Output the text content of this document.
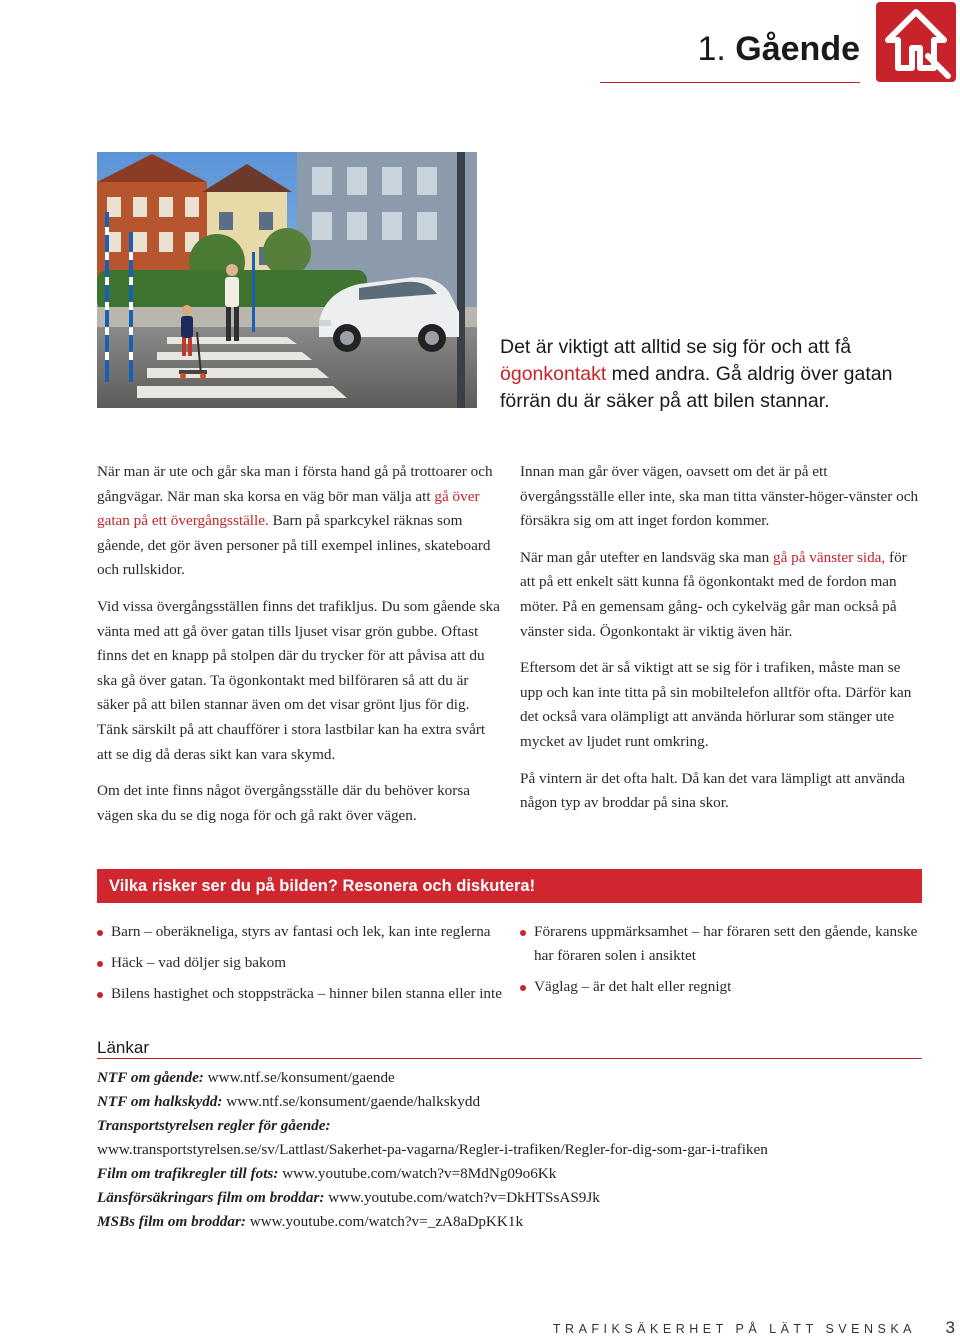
1. Gående
Det är viktigt att alltid se sig för och att få ögonkontakt med andra. Gå aldrig över gatan förrän du är säker på att bilen stannar.

När man är ute och går ska man i första hand gå på trottoarer och gångvägar. När man ska korsa en väg bör man välja att gå över gatan på ett övergångsställe. Barn på sparkcykel räknas som gående, det gör även personer på till exempel inlines, skateboard och rullskidor.

Vid vissa övergångsställen finns det trafikljus. Du som gående ska vänta med att gå över gatan tills ljuset visar grön gubbe. Oftast finns det en knapp på stolpen där du trycker för att påvisa att du ska gå över gatan. Ta ögonkontakt med bilföraren så att du är säker på att bilen stannar även om det visar grönt ljus för dig. Tänk särskilt på att chaufförer i stora lastbilar kan ha extra svårt att se dig då deras sikt kan vara skymd.

Om det inte finns något övergångsställe där du behöver korsa vägen ska du se dig noga för och gå rakt över vägen.

Innan man går över vägen, oavsett om det är på ett övergångsställe eller inte, ska man titta vänster-höger-vänster och försäkra sig om att inget fordon kommer.

När man går utefter en landsväg ska man gå på vänster sida, för att på ett enkelt sätt kunna få ögonkontakt med de fordon man möter. På en gemensam gång- och cykelväg går man också på vänster sida. Ögonkontakt är viktig även här.

Eftersom det är så viktigt att se sig för i trafiken, måste man se upp och kan inte titta på sin mobiltelefon alltför ofta. Därför kan det också vara olämpligt att använda hörlurar som stänger ute mycket av ljudet runt omkring.

På vintern är det ofta halt. Då kan det vara lämpligt att använda någon typ av broddar på sina skor.

Vilka risker ser du på bilden? Resonera och diskutera!
Barn – oberäkneliga, styrs av fantasi och lek, kan inte reglerna
Häck – vad döljer sig bakom
Bilens hastighet och stoppsträcka – hinner bilen stanna eller inte
Förarens uppmärksamhet – har föraren sett den gående, kanske har föraren solen i ansiktet
Väglag – är det halt eller regnigt
Länkar
NTF om gående: www.ntf.se/konsument/gaende
NTF om halkskydd: www.ntf.se/konsument/gaende/halkskydd
Transportstyrelsen regler för gående:
www.transportstyrelsen.se/sv/Lattlast/Sakerhet-pa-vagarna/Regler-i-trafiken/Regler-for-dig-som-gar-i-trafiken
Film om trafikregler till fots: www.youtube.com/watch?v=8MdNg09o6Kk
Länsförsäkringars film om broddar: www.youtube.com/watch?v=DkHTSsAS9Jk
MSBs film om broddar: www.youtube.com/watch?v=_zA8aDpKK1k
TRAFIKSÄKERHET PÅ LÄTT SVENSKA 3
